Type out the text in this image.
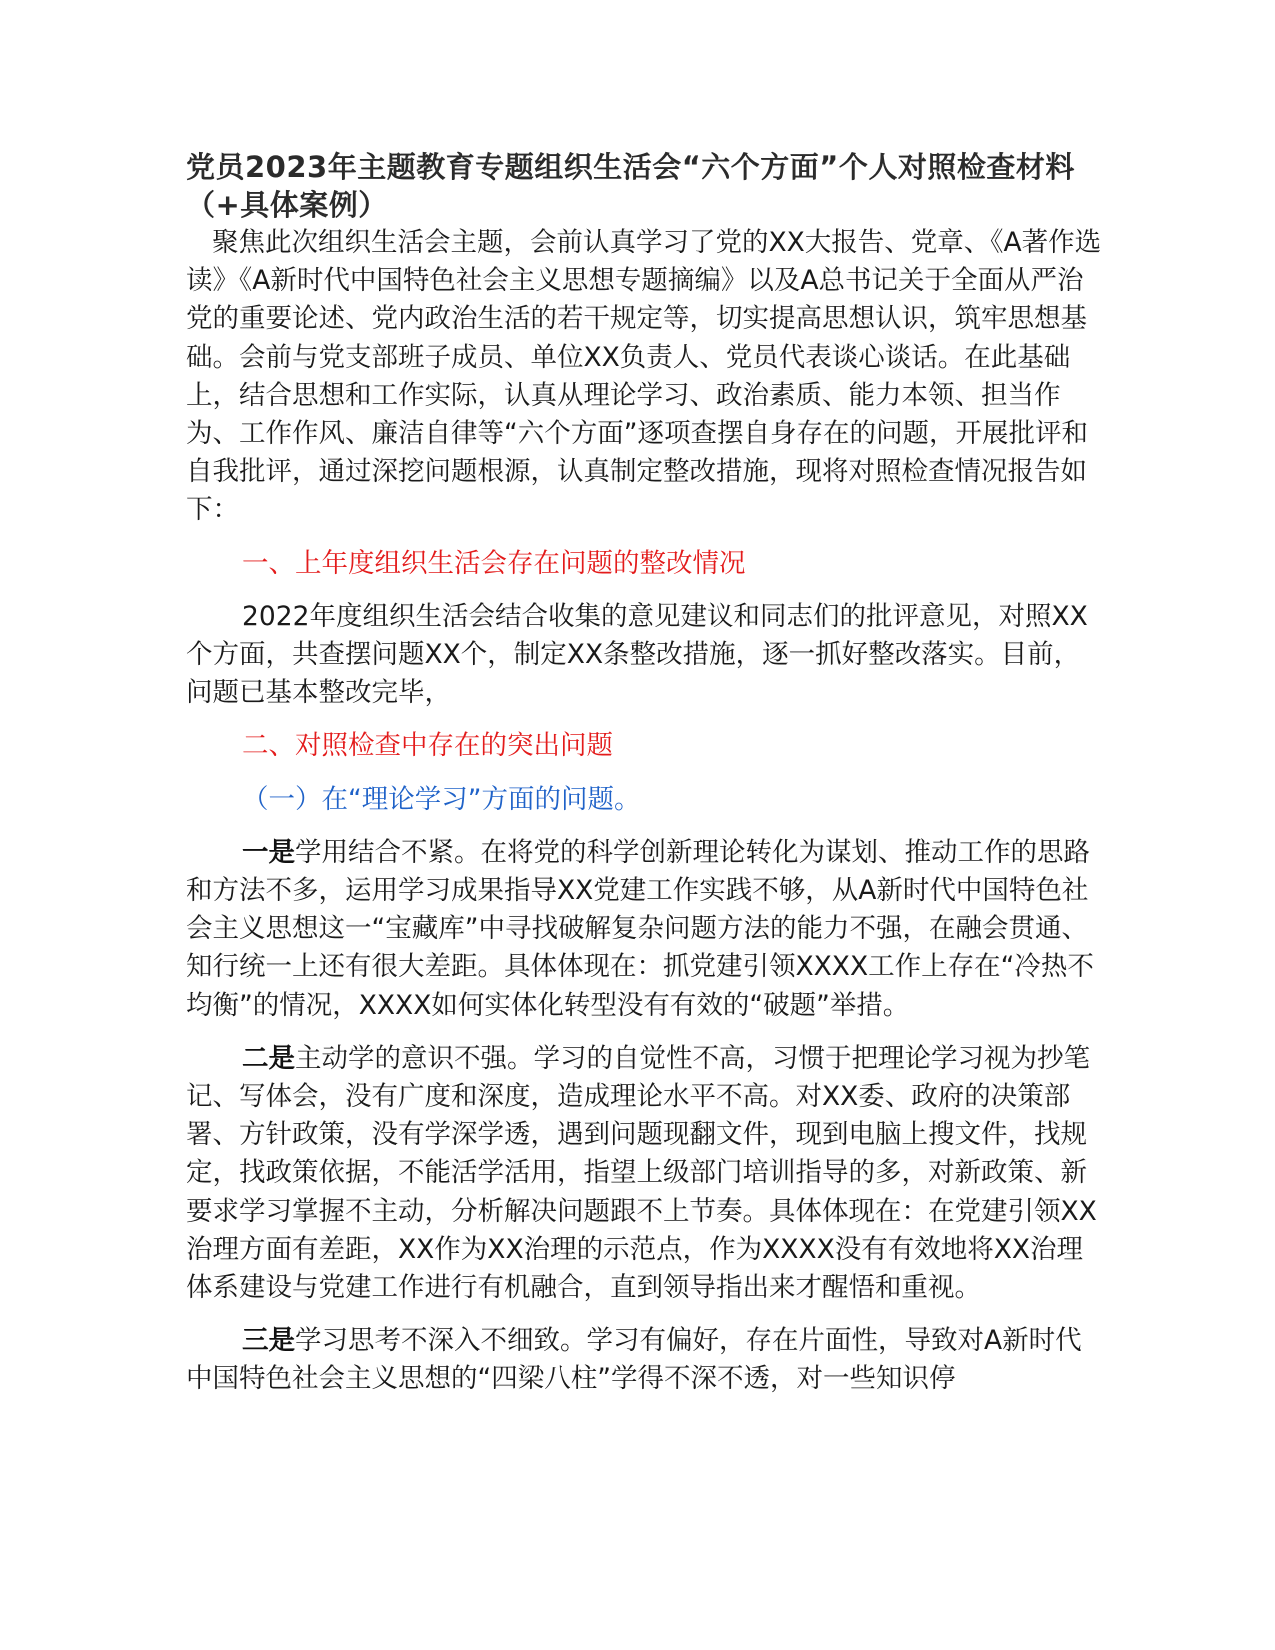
党员2023年主题教育专题组织生活会“六个方面”个人对照检查材料（+具体案例）

聚焦此次组织生活会主题，会前认真学习了党的XX大报告、党章、《A著作选读》《A新时代中国特色社会主义思想专题摘编》以及A总书记关于全面从严治党的重要论述、党内政治生活的若干规定等，切实提高思想认识，筑牢思想基础。会前与党支部班子成员、单位XX负责人、党员代表谈心谈话。在此基础上，结合思想和工作实际，认真从理论学习、政治素质、能力本领、担当作为、工作作风、廉洁自律等“六个方面”逐项查摆自身存在的问题，开展批评和自我批评，通过深挖问题根源，认真制定整改措施，现将对照检查情况报告如下：

一、上年度组织生活会存在问题的整改情况

2022年度组织生活会结合收集的意见建议和同志们的批评意见，对照XX个方面，共查摆问题XX个，制定XX条整改措施，逐一抓好整改落实。目前，问题已基本整改完毕，

二、对照检查中存在的突出问题

（一）在“理论学习”方面的问题。

一是学用结合不紧。在将党的科学创新理论转化为谋划、推动工作的思路和方法不多，运用学习成果指导XX党建工作实践不够，从A新时代中国特色社会主义思想这一“宝藏库”中寻找破解复杂问题方法的能力不强，在融会贯通、知行统一上还有很大差距。具体体现在：抓党建引领XXXX工作上存在“冷热不均衡”的情况，XXXX如何实体化转型没有有效的“破题”举措。

二是主动学的意识不强。学习的自觉性不高，习惯于把理论学习视为抄笔记、写体会，没有广度和深度，造成理论水平不高。对XX委、政府的决策部署、方针政策，没有学深学透，遇到问题现翻文件，现到电脑上搜文件，找规定，找政策依据，不能活学活用，指望上级部门培训指导的多，对新政策、新要求学习掌握不主动，分析解决问题跟不上节奏。具体体现在：在党建引领XX治理方面有差距，XX作为XX治理的示范点，作为XXXX没有有效地将XX治理体系建设与党建工作进行有机融合，直到领导指出来才醒悟和重视。

三是学习思考不深入不细致。学习有偏好，存在片面性，导致对A新时代中国特色社会主义思想的“四梁八柱”学得不深不透，对一些知识停
